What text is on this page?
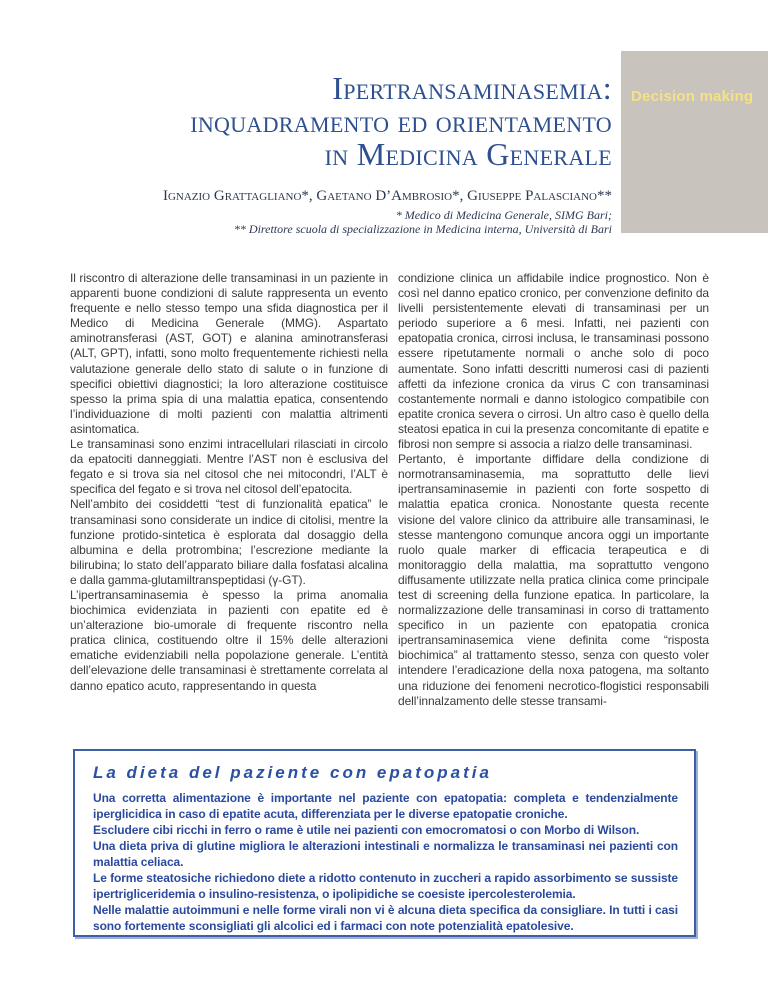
Decision making
Ipertransaminasemia:
inquadramento ed orientamento
in Medicina Generale
Ignazio Grattagliano*, Gaetano D’Ambrosio*, Giuseppe Palasciano**
* Medico di Medicina Generale, SIMG Bari;
** Direttore scuola di specializzazione in Medicina interna, Università di Bari

Il riscontro di alterazione delle transaminasi in un paziente in apparenti buone condizioni di salute rappresenta un evento frequente e nello stesso tempo una sfida diagnostica per il Medico di Medicina Generale (MMG). Aspartato aminotransferasi (AST, GOT) e alanina aminotransferasi (ALT, GPT), infatti, sono molto frequentemente richiesti nella valutazione generale dello stato di salute o in funzione di specifici obiettivi diagnostici; la loro alterazione costituisce spesso la prima spia di una malattia epatica, consentendo l’individuazione di molti pazienti con malattia altrimenti asintomatica.

Le transaminasi sono enzimi intracellulari rilasciati in circolo da epatociti danneggiati. Mentre l’AST non è esclusiva del fegato e si trova sia nel citosol che nei mitocondri, l’ALT è specifica del fegato e si trova nel citosol dell’epatocita.

Nell’ambito dei cosiddetti “test di funzionalità epatica” le transaminasi sono considerate un indice di citolisi, mentre la funzione protido-sintetica è esplorata dal dosaggio della albumina e della protrombina; l’escrezione mediante la bilirubina; lo stato dell’apparato biliare dalla fosfatasi alcalina e dalla gamma-glutamiltranspeptidasi (γ-GT).

L’ipertransaminasemia è spesso la prima anomalia biochimica evidenziata in pazienti con epatite ed è un’alterazione bio-umorale di frequente riscontro nella pratica clinica, costituendo oltre il 15% delle alterazioni ematiche evidenziabili nella popolazione generale. L’entità dell’elevazione delle transaminasi è strettamente correlata al danno epatico acuto, rappresentando in questa

condizione clinica un affidabile indice prognostico. Non è così nel danno epatico cronico, per convenzione definito da livelli persistentemente elevati di transaminasi per un periodo superiore a 6 mesi. Infatti, nei pazienti con epatopatia cronica, cirrosi inclusa, le transaminasi possono essere ripetutamente normali o anche solo di poco aumentate. Sono infatti descritti numerosi casi di pazienti affetti da infezione cronica da virus C con transaminasi costantemente normali e danno istologico compatibile con epatite cronica severa o cirrosi. Un altro caso è quello della steatosi epatica in cui la presenza concomitante di epatite e fibrosi non sempre si associa a rialzo delle transaminasi.

Pertanto, è importante diffidare della condizione di normotransaminasemia, ma soprattutto delle lievi ipertransaminasemie in pazienti con forte sospetto di malattia epatica cronica. Nonostante questa recente visione del valore clinico da attribuire alle transaminasi, le stesse mantengono comunque ancora oggi un importante ruolo quale marker di efficacia terapeutica e di monitoraggio della malattia, ma soprattutto vengono diffusamente utilizzate nella pratica clinica come principale test di screening della funzione epatica. In particolare, la normalizzazione delle transaminasi in corso di trattamento specifico in un paziente con epatopatia cronica ipertransaminasemica viene definita come “risposta biochimica” al trattamento stesso, senza con questo voler intendere l’eradicazione della noxa patogena, ma soltanto una riduzione dei fenomeni necrotico-flogistici responsabili dell’innalzamento delle stesse transami-

La dieta del paziente con epatopatia

Una corretta alimentazione è importante nel paziente con epatopatia: completa e tendenzialmente iperglicidica in caso di epatite acuta, differenziata per le diverse epatopatie croniche.

Escludere cibi ricchi in ferro o rame è utile nei pazienti con emocromatosi o con Morbo di Wilson.

Una dieta priva di glutine migliora le alterazioni intestinali e normalizza le transaminasi nei pazienti con malattia celiaca.

Le forme steatosiche richiedono diete a ridotto contenuto in zuccheri a rapido assorbimento se sussiste ipertrigliceridemia o insulino-resistenza, o ipolipidiche se coesiste ipercolesterolemia.

Nelle malattie autoimmuni e nelle forme virali non vi è alcuna dieta specifica da consigliare. In tutti i casi sono fortemente sconsigliati gli alcolici ed i farmaci con note potenzialità epatolesive.
